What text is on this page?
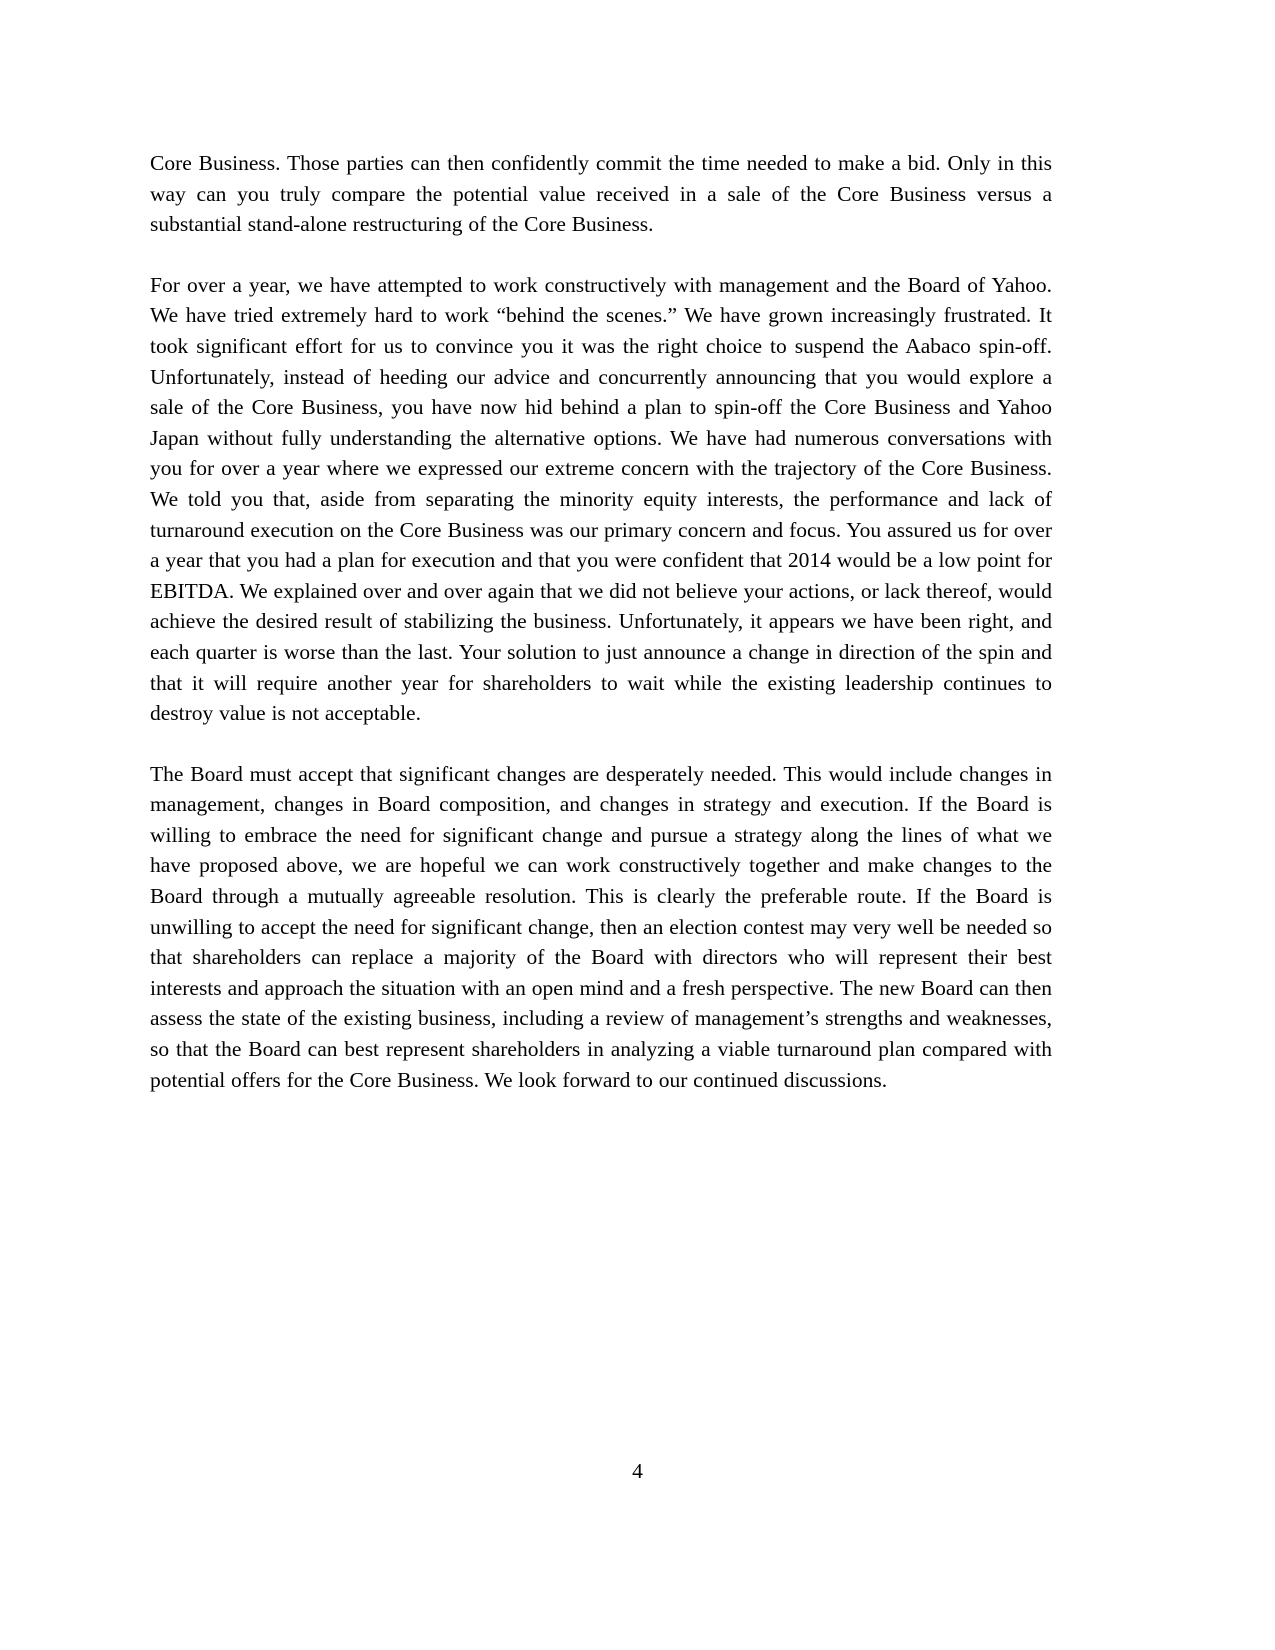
Core Business. Those parties can then confidently commit the time needed to make a bid. Only in this way can you truly compare the potential value received in a sale of the Core Business versus a substantial stand-alone restructuring of the Core Business.

For over a year, we have attempted to work constructively with management and the Board of Yahoo. We have tried extremely hard to work “behind the scenes.” We have grown increasingly frustrated. It took significant effort for us to convince you it was the right choice to suspend the Aabaco spin-off. Unfortunately, instead of heeding our advice and concurrently announcing that you would explore a sale of the Core Business, you have now hid behind a plan to spin-off the Core Business and Yahoo Japan without fully understanding the alternative options. We have had numerous conversations with you for over a year where we expressed our extreme concern with the trajectory of the Core Business. We told you that, aside from separating the minority equity interests, the performance and lack of turnaround execution on the Core Business was our primary concern and focus. You assured us for over a year that you had a plan for execution and that you were confident that 2014 would be a low point for EBITDA. We explained over and over again that we did not believe your actions, or lack thereof, would achieve the desired result of stabilizing the business. Unfortunately, it appears we have been right, and each quarter is worse than the last. Your solution to just announce a change in direction of the spin and that it will require another year for shareholders to wait while the existing leadership continues to destroy value is not acceptable.

The Board must accept that significant changes are desperately needed. This would include changes in management, changes in Board composition, and changes in strategy and execution. If the Board is willing to embrace the need for significant change and pursue a strategy along the lines of what we have proposed above, we are hopeful we can work constructively together and make changes to the Board through a mutually agreeable resolution. This is clearly the preferable route. If the Board is unwilling to accept the need for significant change, then an election contest may very well be needed so that shareholders can replace a majority of the Board with directors who will represent their best interests and approach the situation with an open mind and a fresh perspective. The new Board can then assess the state of the existing business, including a review of management’s strengths and weaknesses, so that the Board can best represent shareholders in analyzing a viable turnaround plan compared with potential offers for the Core Business. We look forward to our continued discussions.

4
